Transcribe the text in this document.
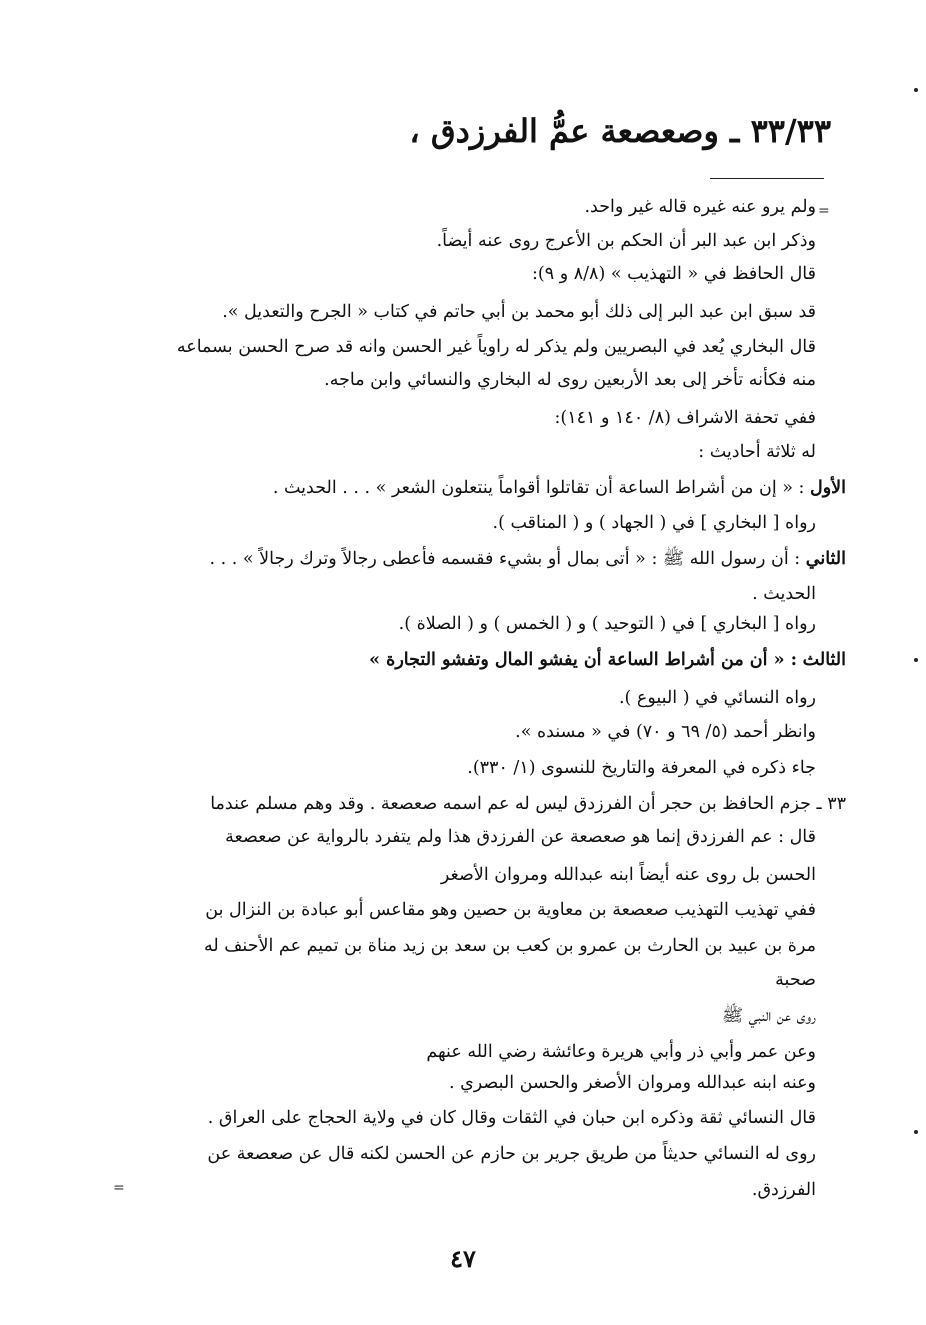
٣٣/٣٣ ـ وصعصعة عمُّ الفرزدق ،
=
=
ولم يرو عنه غيره قاله غير واحد.
وذكر ابن عبد البر أن الحكم بن الأعرج روى عنه أيضاً.
قال الحافظ في « التهذيب » (٨/٨ و ٩):
قد سبق ابن عبد البر إلى ذلك أبو محمد بن أبي حاتم في كتاب « الجرح والتعديل ».
قال البخاري يُعد في البصريين ولم يذكر له راوياً غير الحسن وانه قد صرح الحسن بسماعه
منه فكأنه تأخر إلى بعد الأربعين روى له البخاري والنسائي وابن ماجه.
ففي تحفة الاشراف (٨/ ١٤٠ و ١٤١):
له ثلاثة أحاديث :
الأول : « إن من أشراط الساعة أن تقاتلوا أقواماً ينتعلون الشعر » . . . الحديث .
رواه [ البخاري ] في ( الجهاد ) و ( المناقب ).
الثاني : أن رسول الله ﷺ : « أتى بمال أو بشيء فقسمه فأعطى رجالاً وترك رجالاً » . . .
الحديث .
رواه [ البخاري ] في ( التوحيد ) و ( الخمس ) و ( الصلاة ).
الثالث : « أن من أشراط الساعة أن يفشو المال وتفشو التجارة »
رواه النسائي في ( البيوع ).
وانظر أحمد (٥/ ٦٩ و ٧٠) في « مسنده ».
جاء ذكره في المعرفة والتاريخ للنسوى (١/ ٣٣٠).
٣٣ ـ جزم الحافظ بن حجر أن الفرزدق ليس له عم اسمه صعصعة . وقد وهم مسلم عندما
قال : عم الفرزدق إنما هو صعصعة عن الفرزدق هذا ولم يتفرد بالرواية عن صعصعة
الحسن بل روى عنه أيضاً ابنه عبدالله ومروان الأصغر
ففي تهذيب التهذيب صعصعة بن معاوية بن حصين وهو مقاعس أبو عبادة بن النزال بن
مرة بن عبيد بن الحارث بن عمرو بن كعب بن سعد بن زيد مناة بن تميم عم الأحنف له
صحبة
روى عن النبي ﷺ
وعن عمر وأبي ذر وأبي هريرة وعائشة رضي الله عنهم
وعنه ابنه عبدالله ومروان الأصغر والحسن البصري .
قال النسائي ثقة وذكره ابن حبان في الثقات وقال كان في ولاية الحجاج على العراق .
روى له النسائي حديثاً من طريق جرير بن حازم عن الحسن لكنه قال عن صعصعة عن
الفرزدق.
٤٧
